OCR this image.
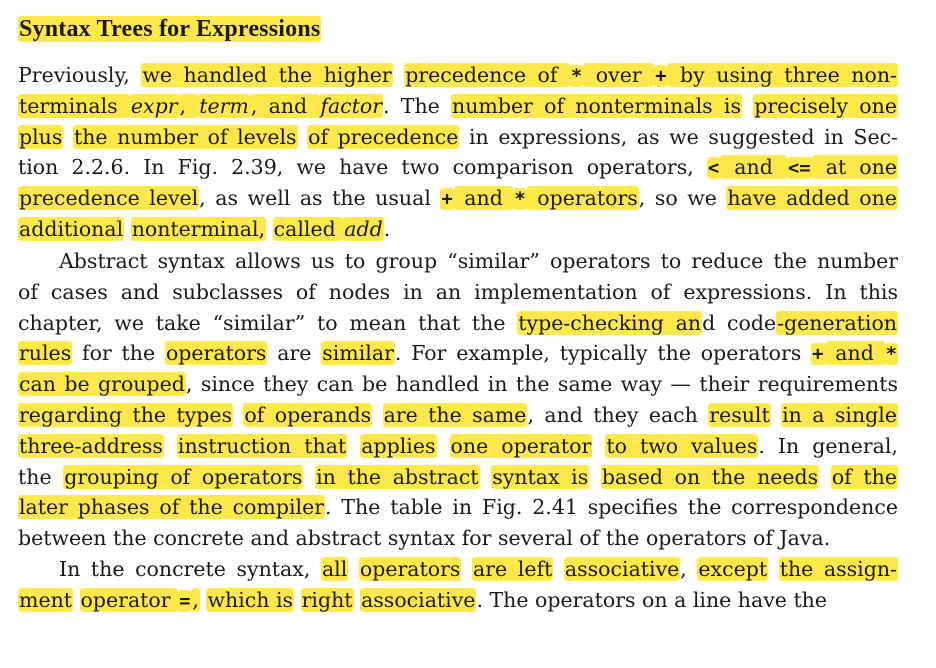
Syntax Trees for Expressions
Previously, we handled the higher precedence of * over + by using three non-
terminals expr, term, and factor. The number of nonterminals is precisely one
plus the number of levels of precedence in expressions, as we suggested in Sec-
tion 2.2.6. In Fig. 2.39, we have two comparison operators, < and <= at one
precedence level, as well as the usual + and * operators, so we have added one
additional nonterminal, called add.
Abstract syntax allows us to group “similar” operators to reduce the number
of cases and subclasses of nodes in an implementation of expressions. In this
chapter, we take “similar” to mean that the type-checking and code-generation
rules for the operators are similar. For example, typically the operators + and *
can be grouped, since they can be handled in the same way — their requirements
regarding the types of operands are the same, and they each result in a single
three-address instruction that applies one operator to two values. In general,
the grouping of operators in the abstract syntax is based on the needs of the
later phases of the compiler. The table in Fig. 2.41 specifies the correspondence
between the concrete and abstract syntax for several of the operators of Java.
In the concrete syntax, all operators are left associative, except the assign-
ment operator =, which is right associative. The operators on a line have the
